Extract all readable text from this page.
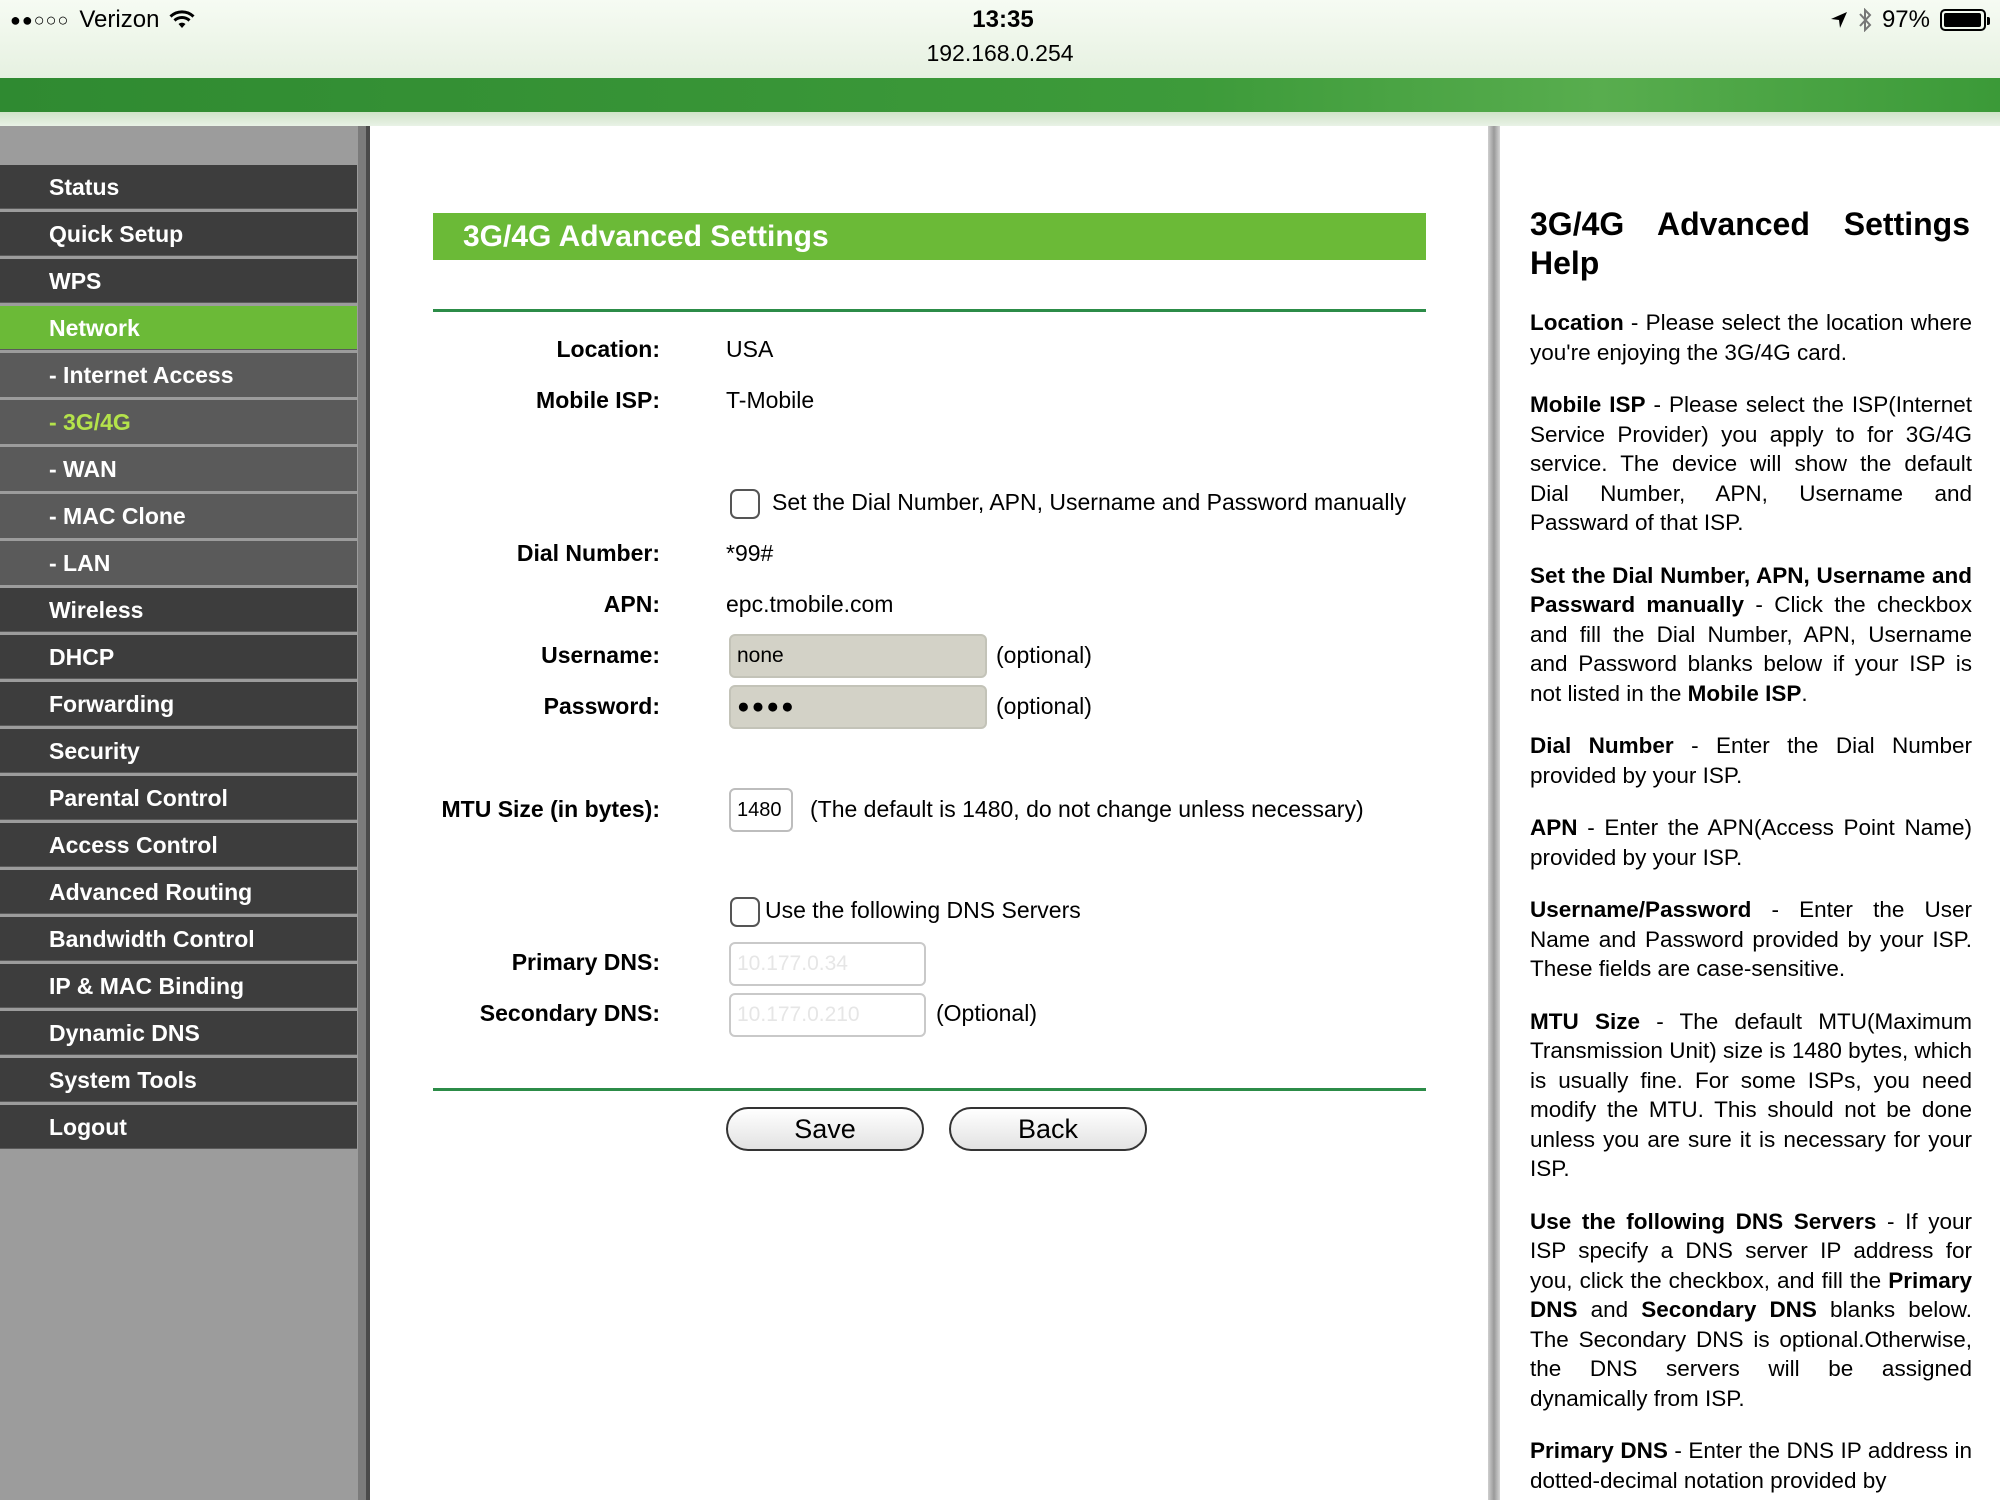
●●○○○ Verizon	13:35
192.168.0.254
97%
Status
Quick Setup
WPS
Network
- Internet Access
- 3G/4G
- WAN
- MAC Clone
- LAN
Wireless
DHCP
Forwarding
Security
Parental Control
Access Control
Advanced Routing
Bandwidth Control
IP & MAC Binding
Dynamic DNS
System Tools
Logout
3G/4G Advanced Settings
Location:	USA
Mobile ISP:	T-Mobile
Set the Dial Number, APN, Username and Password manually
Dial Number:	*99#
APN:	epc.tmobile.com
Username:
none	(optional)
Password:
●●●●	(optional)
MTU Size (in bytes):
1480	(The default is 1480, do not change unless necessary)
Use the following DNS Servers
Primary DNS:
10.177.0.34
Secondary DNS:
10.177.0.210	(Optional)
Save	Back
3G/4G Advanced Settings
Help

Location - Please select the location where you're enjoying the 3G/4G card.

Mobile ISP - Please select the ISP(Internet Service Provider) you apply to for 3G/4G service. The device will show the default Dial Number, APN, Username and Passward of that ISP.

Set the Dial Number, APN, Username and Passward manually - Click the checkbox and fill the Dial Number, APN, Username and Password blanks below if your ISP is not listed in the Mobile ISP.

Dial Number - Enter the Dial Number provided by your ISP.

APN - Enter the APN(Access Point Name) provided by your ISP.

Username/Password - Enter the User Name and Password provided by your ISP. These fields are case-sensitive.

MTU Size - The default MTU(Maximum Transmission Unit) size is 1480 bytes, which is usually fine. For some ISPs, you need modify the MTU. This should not be done unless you are sure it is necessary for your ISP.

Use the following DNS Servers - If your ISP specify a DNS server IP address for you, click the checkbox, and fill the Primary DNS and Secondary DNS blanks below. The Secondary DNS is optional.Otherwise, the DNS servers will be assigned dynamically from ISP.

Primary DNS - Enter the DNS IP address in dotted-decimal notation provided by
